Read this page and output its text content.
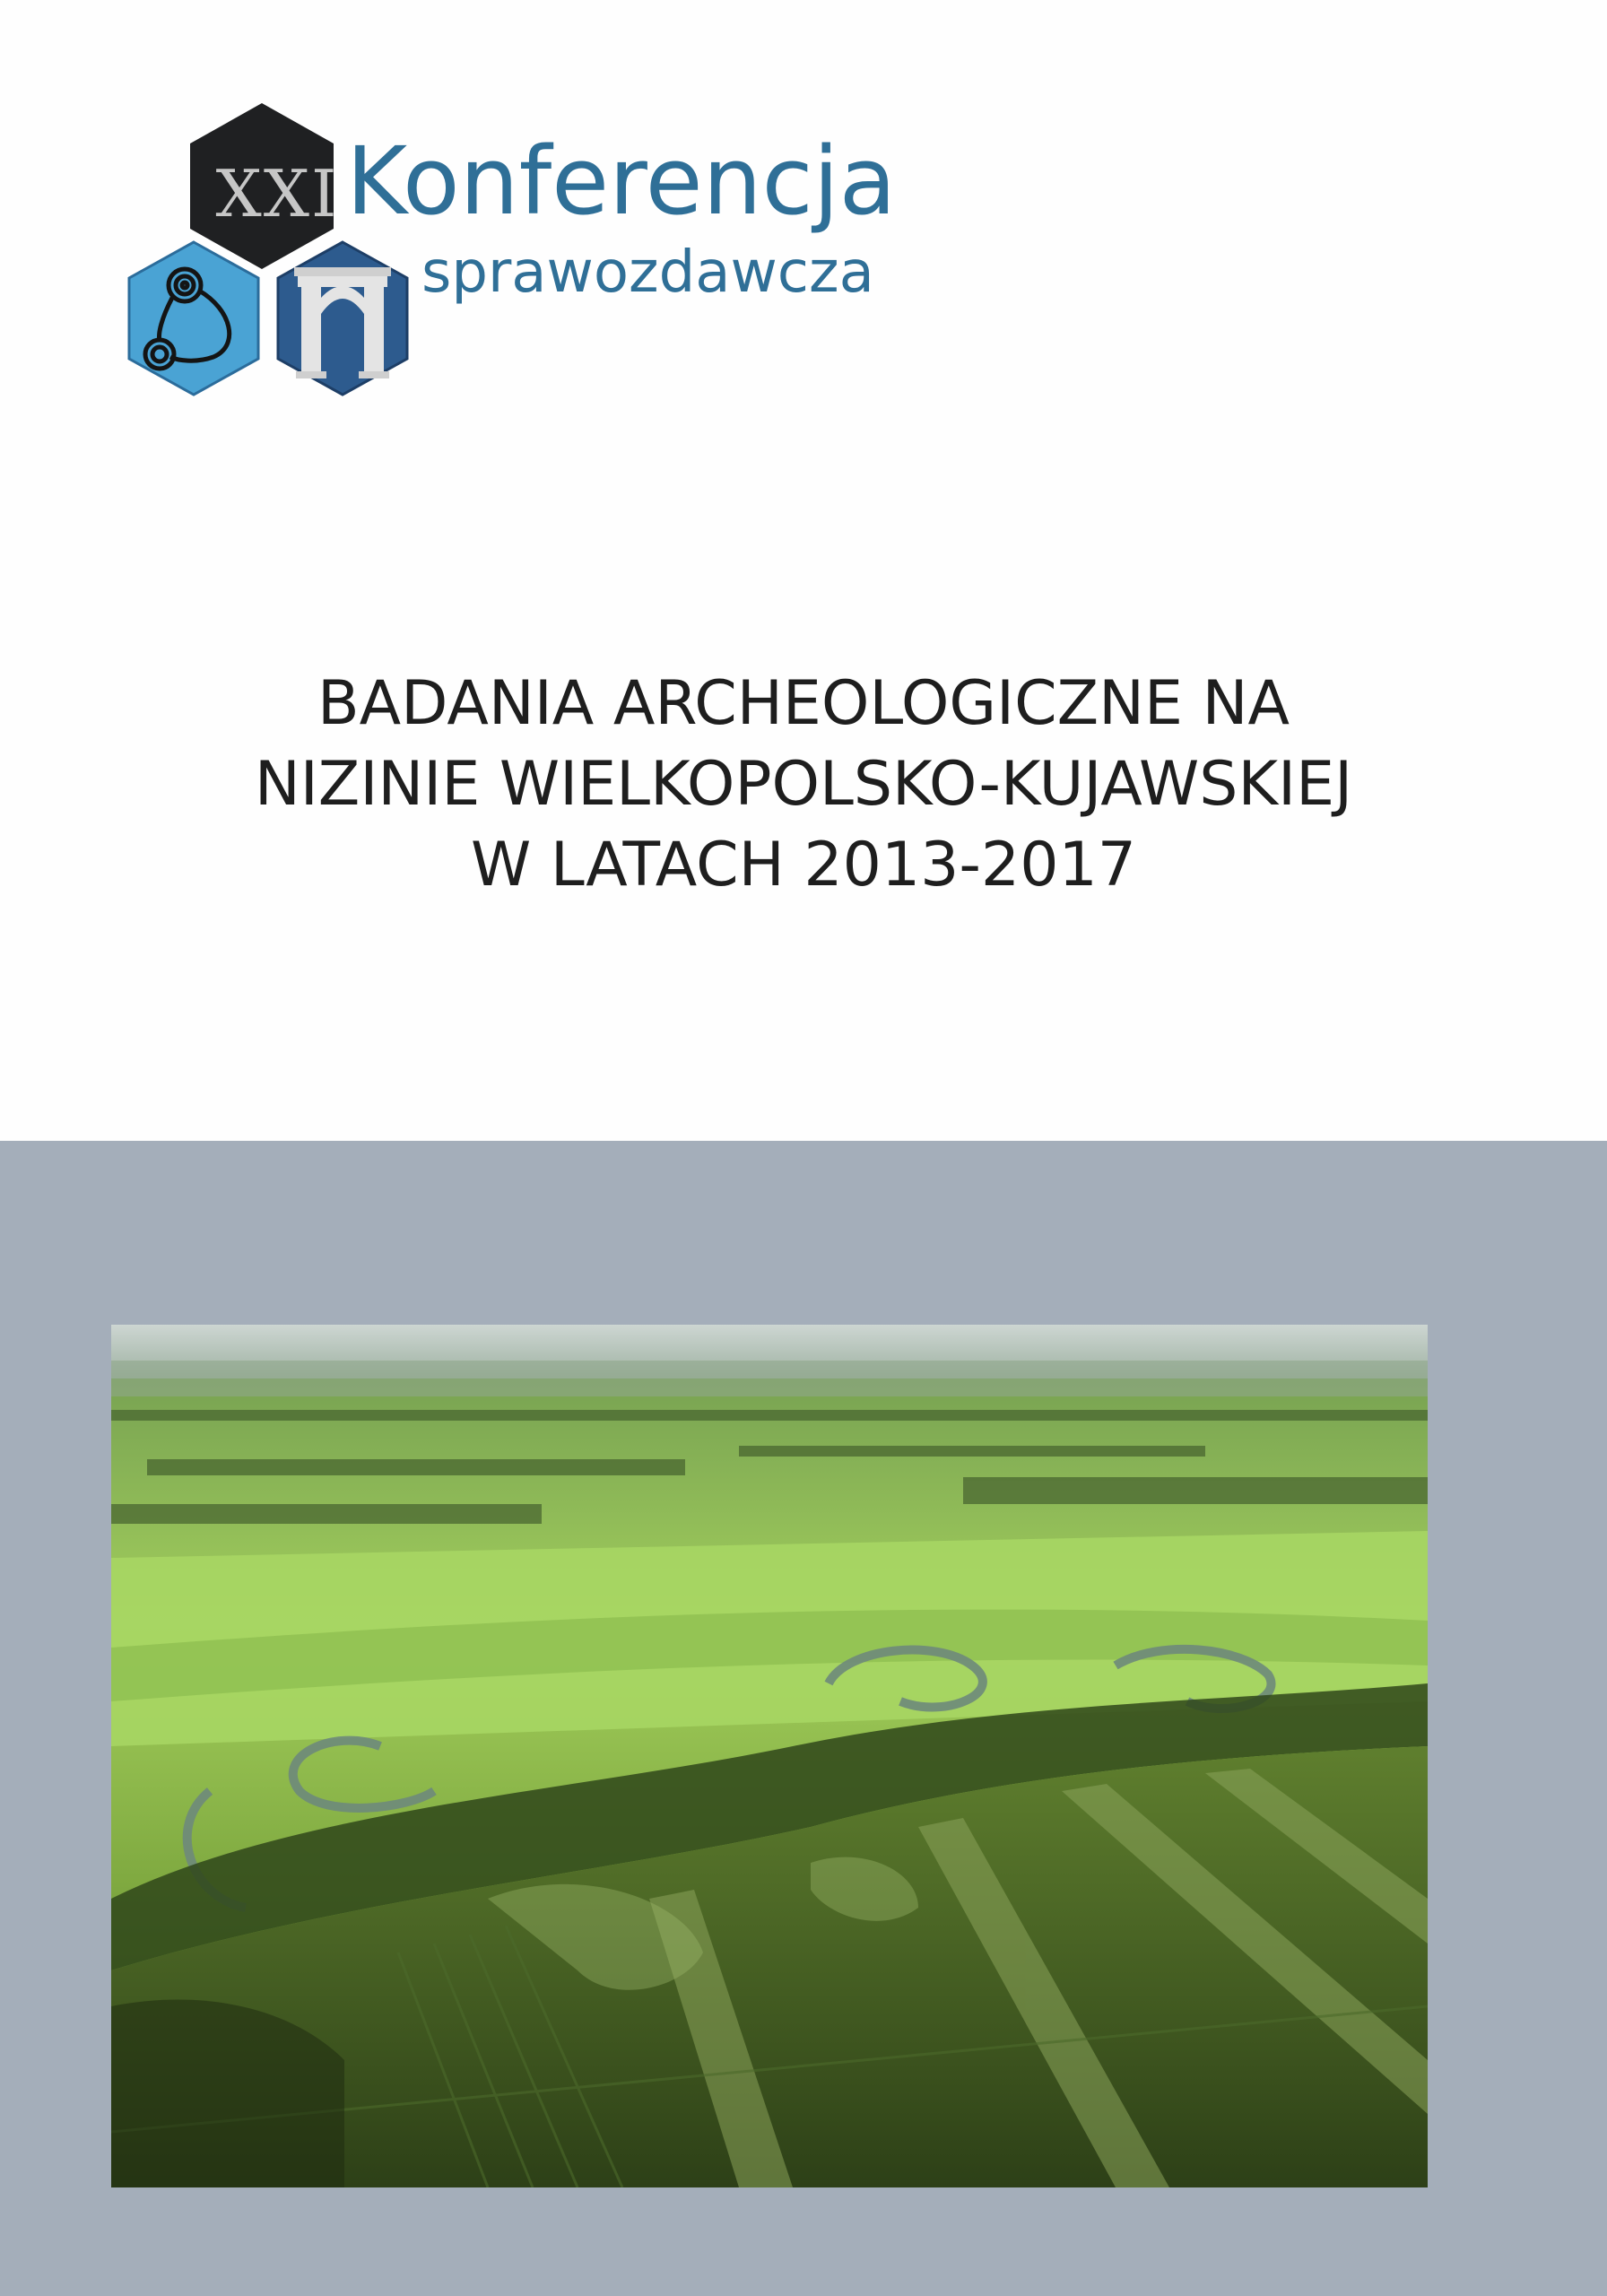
XXI Konferencja
sprawozdawcza
BADANIA ARCHEOLOGICZNE NA
NIZINIE WIELKOPOLSKO-KUJAWSKIEJ
W LATACH 2013-2017
